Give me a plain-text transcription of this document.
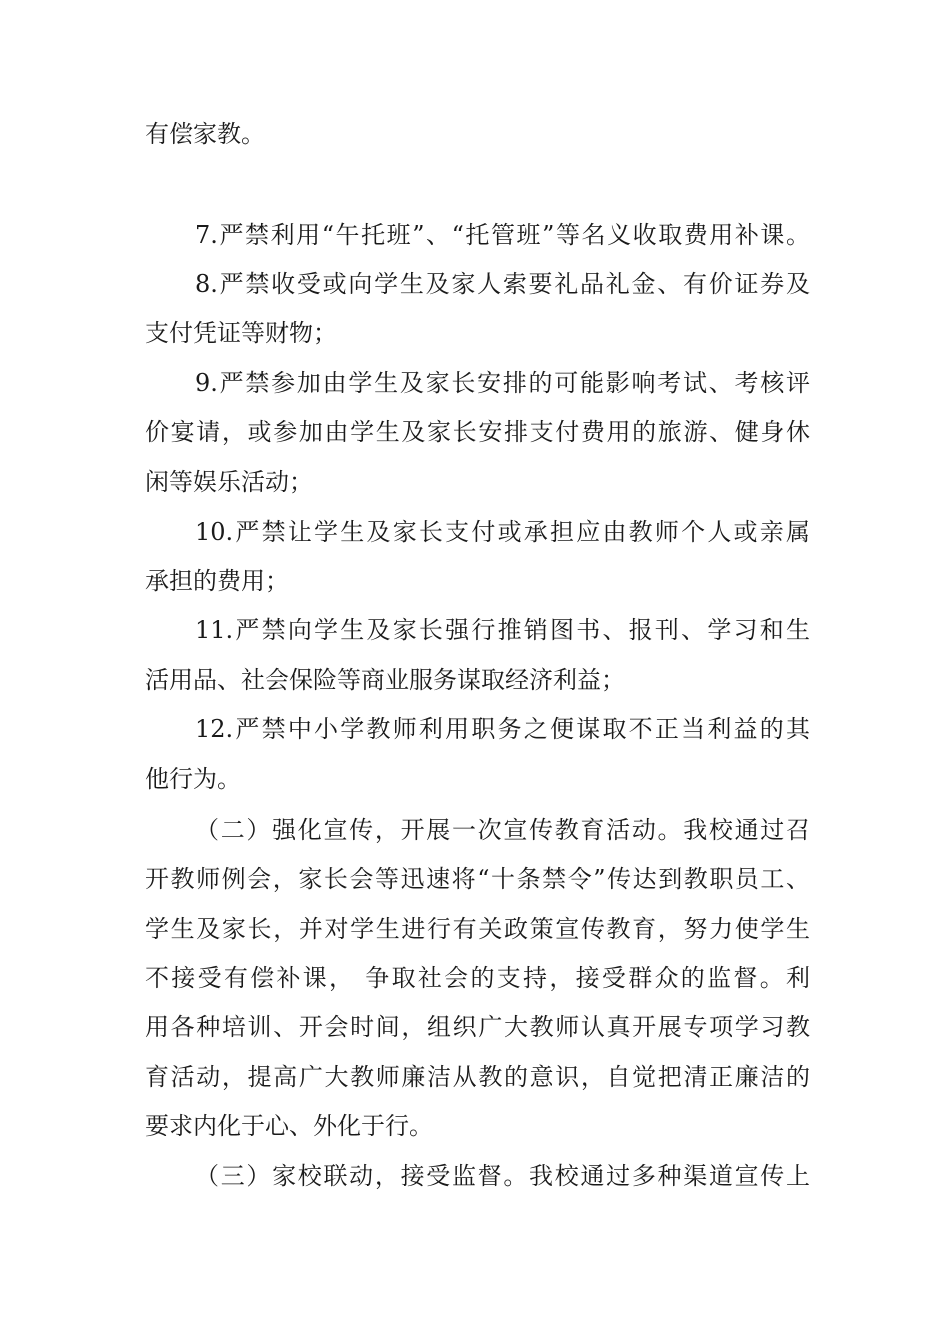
有偿家教。
7.严禁利用“午托班”、“托管班”等名义收取费用补课。
8.严禁收受或向学生及家人索要礼品礼金、有价证券及
支付凭证等财物；
9.严禁参加由学生及家长安排的可能影响考试、考核评
价宴请，或参加由学生及家长安排支付费用的旅游、健身休
闲等娱乐活动；
10.严禁让学生及家长支付或承担应由教师个人或亲属
承担的费用；
11.严禁向学生及家长强行推销图书、报刊、学习和生
活用品、社会保险等商业服务谋取经济利益；
12.严禁中小学教师利用职务之便谋取不正当利益的其
他行为。
（二）强化宣传，开展一次宣传教育活动。我校通过召
开教师例会，家长会等迅速将“十条禁令”传达到教职员工、
学生及家长，并对学生进行有关政策宣传教育，努力使学生
不接受有偿补课， 争取社会的支持，接受群众的监督。利
用各种培训、开会时间，组织广大教师认真开展专项学习教
育活动，提高广大教师廉洁从教的意识，自觉把清正廉洁的
要求内化于心、外化于行。
（三）家校联动，接受监督。我校通过多种渠道宣传上
